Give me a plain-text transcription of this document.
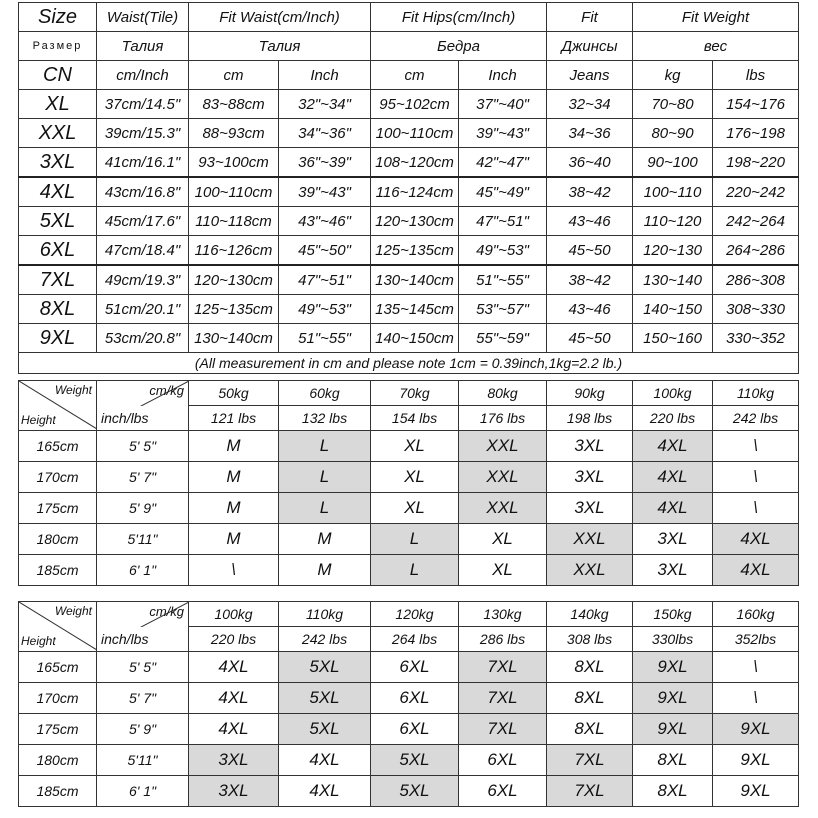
Size	Waist(Tile)	Fit Waist(cm/Inch)		Fit Hips(cm/Inch)		Fit	Fit Weight	
Размер	Талия	Талия		Бедра		Джинсы	вес	
CN	cm/Inch	cm	Inch	cm	Inch	Jeans	kg	lbs
XL	37cm/14.5"	83~88cm	32"~34"	95~102cm	37"~40"	32~34	70~80	154~176
XXL	39cm/15.3"	88~93cm	34"~36"	100~110cm	39"~43"	34~36	80~90	176~198
3XL	41cm/16.1"	93~100cm	36"~39"	108~120cm	42"~47"	36~40	90~100	198~220
4XL	43cm/16.8"	100~110cm	39"~43"	116~124cm	45"~49"	38~42	100~110	220~242
5XL	45cm/17.6"	110~118cm	43"~46"	120~130cm	47"~51"	43~46	110~120	242~264
6XL	47cm/18.4"	116~126cm	45"~50"	125~135cm	49"~53"	45~50	120~130	264~286
7XL	49cm/19.3"	120~130cm	47"~51"	130~140cm	51"~55"	38~42	130~140	286~308
8XL	51cm/20.1"	125~135cm	49"~53"	135~145cm	53"~57"	43~46	140~150	308~330
9XL	53cm/20.8"	130~140cm	51"~55"	140~150cm	55"~59"	45~50	150~160	330~352
(All measurement in cm and please note 1cm = 0.39inch,1kg=2.2 lb.)								
Weight
Height	cm/kg	50kg	60kg	70kg	80kg	90kg	100kg	110kg
	inch/lbs	121 lbs	132 lbs	154 lbs	176 lbs	198 lbs	220 lbs	242 lbs
165cm	5' 5"	M	L	XL	XXL	3XL	4XL	\
170cm	5' 7"	M	L	XL	XXL	3XL	4XL	\
175cm	5' 9"	M	L	XL	XXL	3XL	4XL	\
180cm	5'11"	M	M	L	XL	XXL	3XL	4XL
185cm	6' 1"	\	M	L	XL	XXL	3XL	4XL
Weight
Height	cm/kg	100kg	110kg	120kg	130kg	140kg	150kg	160kg
	inch/lbs	220 lbs	242 lbs	264 lbs	286 lbs	308 lbs	330lbs	352lbs
165cm	5' 5"	4XL	5XL	6XL	7XL	8XL	9XL	\
170cm	5' 7"	4XL	5XL	6XL	7XL	8XL	9XL	\
175cm	5' 9"	4XL	5XL	6XL	7XL	8XL	9XL	9XL
180cm	5'11"	3XL	4XL	5XL	6XL	7XL	8XL	9XL
185cm	6' 1"	3XL	4XL	5XL	6XL	7XL	8XL	9XL
